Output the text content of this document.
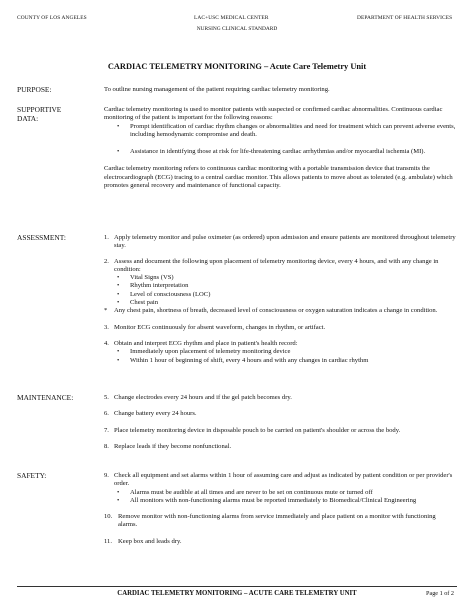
COUNTY OF LOS ANGELES	LAC+USC MEDICAL CENTER	DEPARTMENT OF HEALTH SERVICES
NURSING CLINICAL STANDARD
CARDIAC TELEMETRY MONITORING – Acute Care Telemetry Unit
PURPOSE:	To outline nursing management of the patient requiring cardiac telemetry monitoring.

SUPPORTIVE
DATA:

Cardiac telemetry monitoring is used to monitor patients with suspected or confirmed cardiac abnormalities. Continuous cardiac monitoring of the patient is important for the following reasons:

• Prompt identification of cardiac rhythm changes or abnormalities and need for treatment which can prevent adverse events, including hemodynamic compromise and death.
• Assistance in identifying those at risk for life-threatening cardiac arrhythmias and/or myocardial ischemia (MI).

Cardiac telemetry monitoring refers to continuous cardiac monitoring with a portable transmission device that transmits the electrocardiograph (ECG) tracing to a central cardiac monitor. This allows patients to move about as tolerated (e.g. ambulate) which promotes general recovery and maintenance of functional capacity.

ASSESSMENT:	1. Apply telemetry monitor and pulse oximeter (as ordered) upon admission and ensure patients are monitored throughout telemetry stay.
2. Assess and document the following upon placement of telemetry monitoring device, every 4 hours, and with any change in condition:
• Vital Signs (VS)
• Rhythm interpretation
• Level of consciousness (LOC)
• Chest pain
* Any chest pain, shortness of breath, decreased level of consciousness or oxygen saturation indicates a change in condition.
3. Monitor ECG continuously for absent waveform, changes in rhythm, or artifact.
4. Obtain and interpret ECG rhythm and place in patient's health record:
• Immediately upon placement of telemetry monitoring device
• Within 1 hour of beginning of shift, every 4 hours and with any changes in cardiac rhythm
MAINTENANCE:	5. Change electrodes every 24 hours and if the gel patch becomes dry.
6. Change battery every 24 hours.
7. Place telemetry monitoring device in disposable pouch to be carried on patient's shoulder or across the body.
8. Replace leads if they become nonfunctional.
SAFETY:	9. Check all equipment and set alarms within 1 hour of assuming care and adjust as indicated by patient condition or per provider's order.
• Alarms must be audible at all times and are never to be set on continuous mute or turned off
• All monitors with non-functioning alarms must be reported immediately to Biomedical/Clinical Engineering
10. Remove monitor with non-functioning alarms from service immediately and place patient on a monitor with functioning alarms.
11. Keep box and leads dry.
CARDIAC TELEMETRY MONITORING – ACUTE CARE TELEMETRY UNIT	Page 1 of 2
